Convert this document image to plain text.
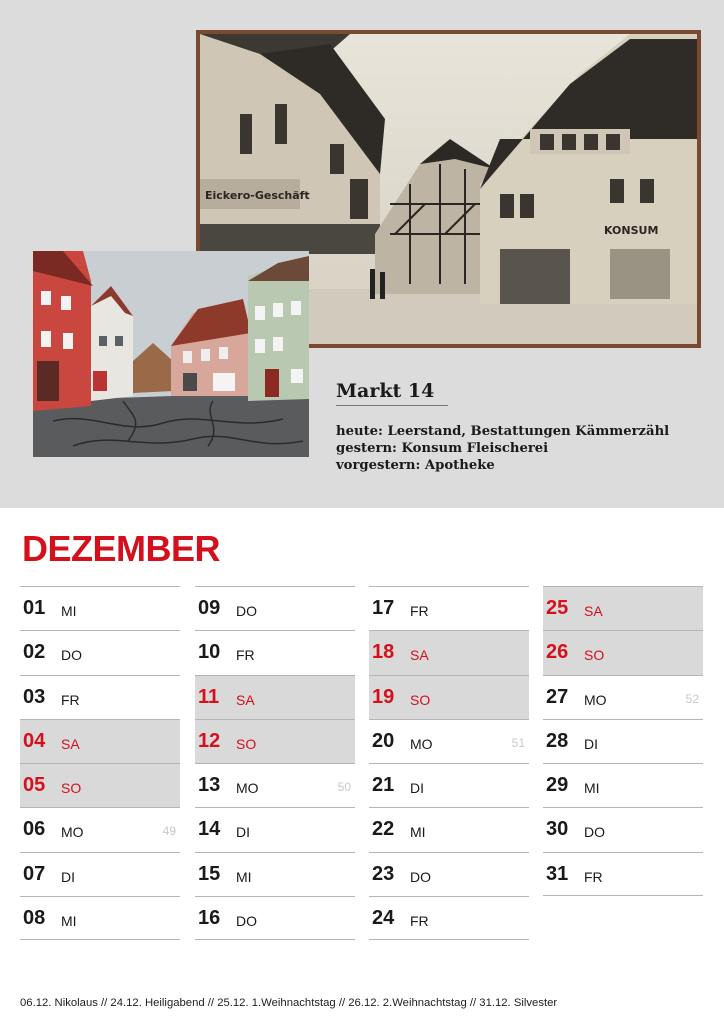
Eickero-Geschäft
KONSUM
Markt 14
heute: Leerstand, Bestattungen Kämmerzähl
gestern: Konsum Fleischerei
vorgestern: Apotheke
DEZEMBER
01 MI
02 DO
03 FR
04 SA
05 SO
06 MO	49
07 DI
08 MI
09 DO
10 FR
11 SA
12 SO
13 MO	50
14 DI
15 MI
16 DO
17 FR
18 SA
19 SO
20 MO	51
21 DI
22 MI
23 DO
24 FR
25 SA
26 SO
27 MO	52
28 DI
29 MI
30 DO
31 FR
06.12. Nikolaus // 24.12. Heiligabend // 25.12. 1.Weihnachtstag // 26.12. 2.Weihnachtstag // 31.12. Silvester
